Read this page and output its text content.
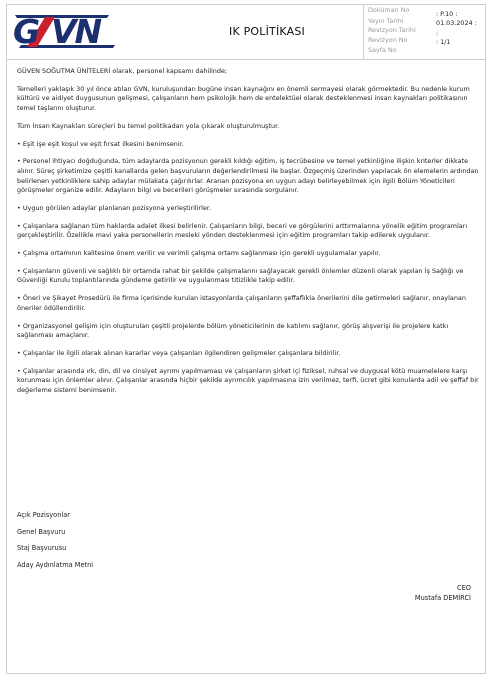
G VN	IK POLİTİKASI
Doküman No
Yayın Tarihi
Revizyon Tarihi
Revizyon No
Sayfa No
: P.10 :
01.03.2024 :
:
: 1/1

GÜVEN SOĞUTMA ÜNİTELERİ olarak, personel kapsamı dahilinde;

Temelleri yaklaşık 30 yıl önce atılan GVN, kuruluşundan bugüne insan kaynağını en önemli sermayesi olarak görmektedir. Bu nedenle kurum kültürü ve aidiyet duygusunun gelişmesi, çalışanların hem psikolojik hem de entelektüel olarak desteklenmesi insan kaynakları politikasının temel taşlarını oluşturur.

Tüm İnsan Kaynakları süreçleri bu temel politikadan yola çıkarak oluşturulmuştur.

• Eşit işe eşit koşul ve eşit fırsat ilkesini benimsenir.

• Personel ihtiyacı doğduğunda, tüm adaylarda pozisyonun gerekli kıldığı eğitim, iş tecrübesine ve temel yetkinliğine ilişkin kriterler dikkate alınır. Süreç şirketimize çeşitli kanallarda gelen başvuruların değerlendirilmesi ile başlar. Özgeçmiş üzerinden yapılacak ön elemelerin ardından belirlenen yetkinliklere sahip adaylar mülakata çağırılırlar. Aranan pozisyona en uygun adayı belirleyebilmek için ilgili Bölüm Yöneticileri görüşmeler organize edilir. Adayların bilgi ve becerileri görüşmeler sırasında sorgulanır.

• Uygun görülen adaylar planlanan pozisyona yerleştirilirler.

• Çalışanlara sağlanan tüm haklarda adalet ilkesi belirlenir. Çalışanların bilgi, beceri ve görgülerini arttırmalarına yönelik eğitim programları gerçekleştirilir. Özellikle mavi yaka personellerin mesleki yönden desteklenmesi için eğitim programları takip edilerek uygulanır.

• Çalışma ortamının kalitesine önem verilir ve verimli çalışma ortamı sağlanması için gerekli uygulamalar yapılır.

• Çalışanların güvenli ve sağlıklı bir ortamda rahat bir şekilde çalışmalarını sağlayacak gerekli önlemler düzenli olarak yapılan İş Sağlığı ve Güvenliği Kurulu toplantılarında gündeme getirilir ve uygulanması titizlikle takip edilir.

• Öneri ve Şikayet Prosedürü ile firma içerisinde kurulan istasyonlarda çalışanların şeffaflıkla önerilerini dile getirmeleri sağlanır, onaylanan öneriler ödüllendirilir.

• Organizasyonel gelişim için oluşturulan çeşitli projelerde bölüm yöneticilerinin de katılımı sağlanır, görüş alışverişi ile projelere katkı sağlanması amaçlanır.

• Çalışanlar ile ilgili olarak alınan kararlar veya çalışanları ilgilendiren gelişmeler çalışanlara bildirilir.

• Çalışanlar arasında ırk, din, dil ve cinsiyet ayrımı yapılmaması ve çalışanların şirket içi fiziksel, ruhsal ve duygusal kötü muamelelere karşı korunması için önlemler alınır. Çalışanlar arasında hiçbir şekilde ayrımcılık yapılmasına izin verilmez, terfi, ücret gibi konularda adil ve şeffaf bir değerleme sistemi benimsenir.

Açık Pozisyonlar
Genel Başvuru
Staj Başvurusu
Aday Aydınlatma Metni
CEO
Mustafa DEMİRCİ
